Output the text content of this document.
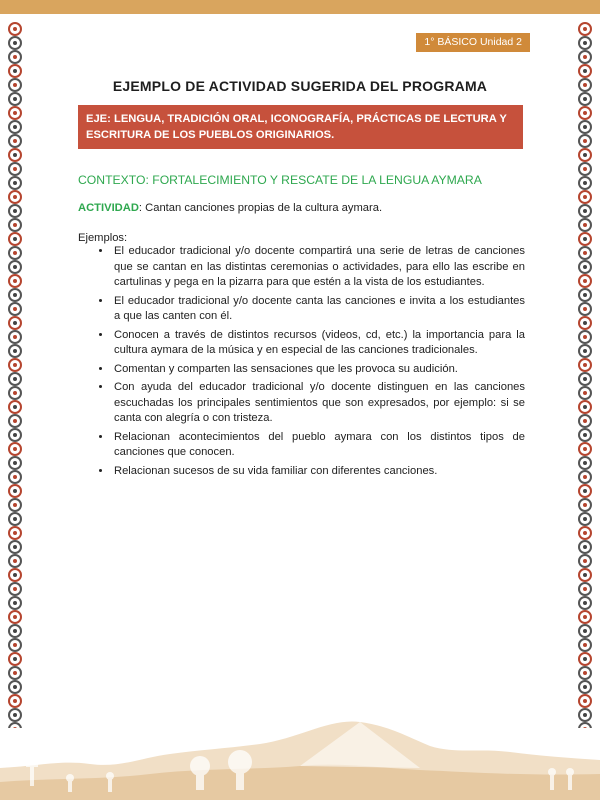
1° BÁSICO Unidad 2
EJEMPLO DE ACTIVIDAD SUGERIDA DEL PROGRAMA
EJE: LENGUA, TRADICIÓN ORAL, ICONOGRAFÍA, PRÁCTICAS DE LECTURA Y ESCRITURA DE LOS PUEBLOS ORIGINARIOS.
CONTEXTO: FORTALECIMIENTO Y RESCATE DE LA LENGUA AYMARA
ACTIVIDAD: Cantan canciones propias de la cultura aymara.
Ejemplos:
• El educador tradicional y/o docente compartirá una serie de letras de canciones que se cantan en las distintas ceremonias o actividades, para ello las escribe en cartulinas y pega en la pizarra para que estén a la vista de los estudiantes.
• El educador tradicional y/o docente canta las canciones e invita a los estudiantes a que las canten con él.
• Conocen a través de distintos recursos (videos, cd, etc.) la importancia para la cultura aymara de la música y en especial de las canciones tradicionales.
• Comentan y comparten las sensaciones que les provoca su audición.
• Con ayuda del educador tradicional y/o docente distinguen en las canciones escuchadas los principales sentimientos que son expresados, por ejemplo: si se canta con alegría o con tristeza.
• Relacionan acontecimientos del pueblo aymara con los distintos tipos de canciones que conocen.
• Relacionan sucesos de su vida familiar con diferentes canciones.
